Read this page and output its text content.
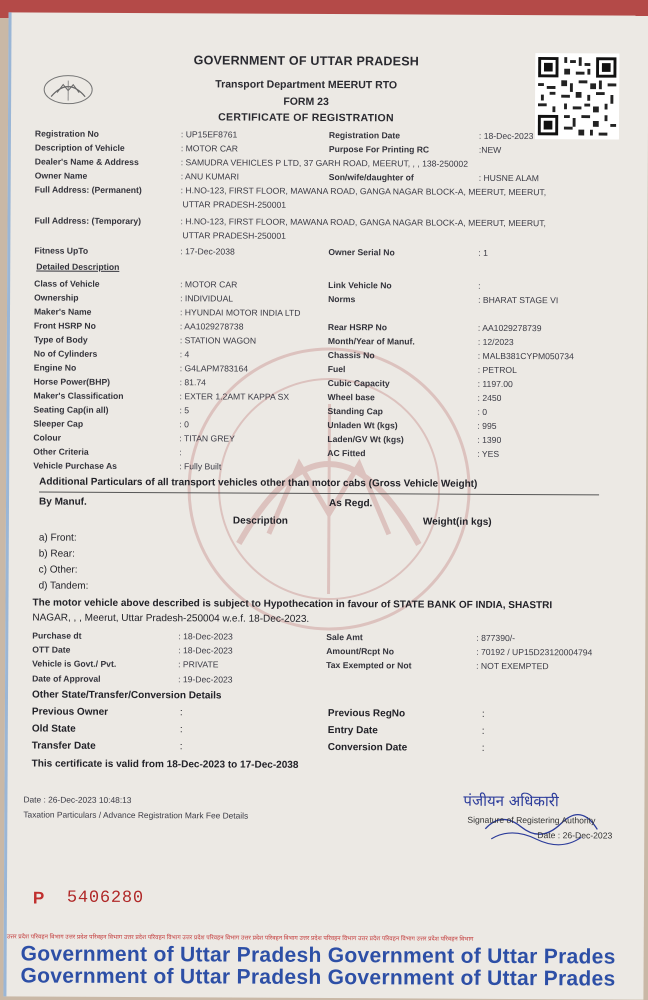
GOVERNMENT OF UTTAR PRADESH
Transport Department MEERUT RTO
FORM 23
CERTIFICATE OF REGISTRATION
Registration No	: UP15EF8761	Registration Date	: 18-Dec-2023
Description of Vehicle	: MOTOR CAR	Purpose For Printing RC	:NEW
Dealer's Name & Address	: SAMUDRA VEHICLES P LTD, 37 GARH ROAD, MEERUT, , , 138-250002
Owner Name	: ANU KUMARI	Son/wife/daughter of	: HUSNE ALAM
Full Address: (Permanent)	: H.NO-123, FIRST FLOOR, MAWANA ROAD, GANGA NAGAR BLOCK-A, MEERUT, MEERUT,
UTTAR PRADESH-250001
Full Address: (Temporary)	: H.NO-123, FIRST FLOOR, MAWANA ROAD, GANGA NAGAR BLOCK-A, MEERUT, MEERUT,
UTTAR PRADESH-250001
Fitness UpTo	: 17-Dec-2038	Owner Serial No	: 1
Detailed Description
Class of Vehicle	: MOTOR CAR	Link Vehicle No	:
Ownership	: INDIVIDUAL	Norms	: BHARAT STAGE VI
Maker's Name	: HYUNDAI MOTOR INDIA LTD
Front HSRP No	: AA1029278738	Rear HSRP No	: AA1029278739
Type of Body	: STATION WAGON	Month/Year of Manuf.	: 12/2023
No of Cylinders	: 4	Chassis No	: MALB381CYPM050734
Engine No	: G4LAPM783164	Fuel	: PETROL
Horse Power(BHP)	: 81.74	Cubic Capacity	: 1197.00
Maker's Classification	: EXTER 1.2AMT KAPPA SX	Wheel base	: 2450
Seating Cap(in all)	: 5	Standing Cap	: 0
Sleeper Cap	: 0	Unladen Wt (kgs)	: 995
Colour	: TITAN GREY	Laden/GV Wt (kgs)	: 1390
Other Criteria	:	AC Fitted	: YES
Vehicle Purchase As	: Fully Built
Additional Particulars of all transport vehicles other than motor cabs (Gross Vehicle Weight)
By Manuf.	As Regd.
Description	Weight(in kgs)
a) Front:
b) Rear:
c) Other:
d) Tandem:
The motor vehicle above described is subject to Hypothecation in favour of STATE BANK OF INDIA, SHASTRI
NAGAR, , , Meerut, Uttar Pradesh-250004 w.e.f. 18-Dec-2023.
Purchase dt	: 18-Dec-2023	Sale Amt	: 877390/-
OTT Date	: 18-Dec-2023	Amount/Rcpt No	: 70192 / UP15D23120004794
Vehicle is Govt./ Pvt.	: PRIVATE	Tax Exempted or Not	: NOT EXEMPTED
Date of Approval	: 19-Dec-2023
Other State/Transfer/Conversion Details
Previous Owner	:	Previous RegNo	:
Old State	:	Entry Date	:
Transfer Date	:	Conversion Date	:
This certificate is valid from 18-Dec-2023 to 17-Dec-2038
Date : 26-Dec-2023 10:48:13
Taxation Particulars / Advance Registration Mark Fee Details
पंजीयन अधिकारी
Signature of Registering Authority
Date : 26-Dec-2023
P 5406280
उत्तर प्रदेश परिवहन विभाग उत्तर प्रदेश परिवहन विभाग उत्तर प्रदेश परिवहन विभाग उत्तर प्रदेश परिवहन विभाग उत्तर प्रदेश परिवहन विभाग उत्तर प्रदेश परिवहन विभाग उत्तर प्रदेश परिवहन विभाग उत्तर प्रदेश परिवहन विभाग
Government of Uttar Pradesh Government of Uttar Prades
Government of Uttar Pradesh Government of Uttar Prades
